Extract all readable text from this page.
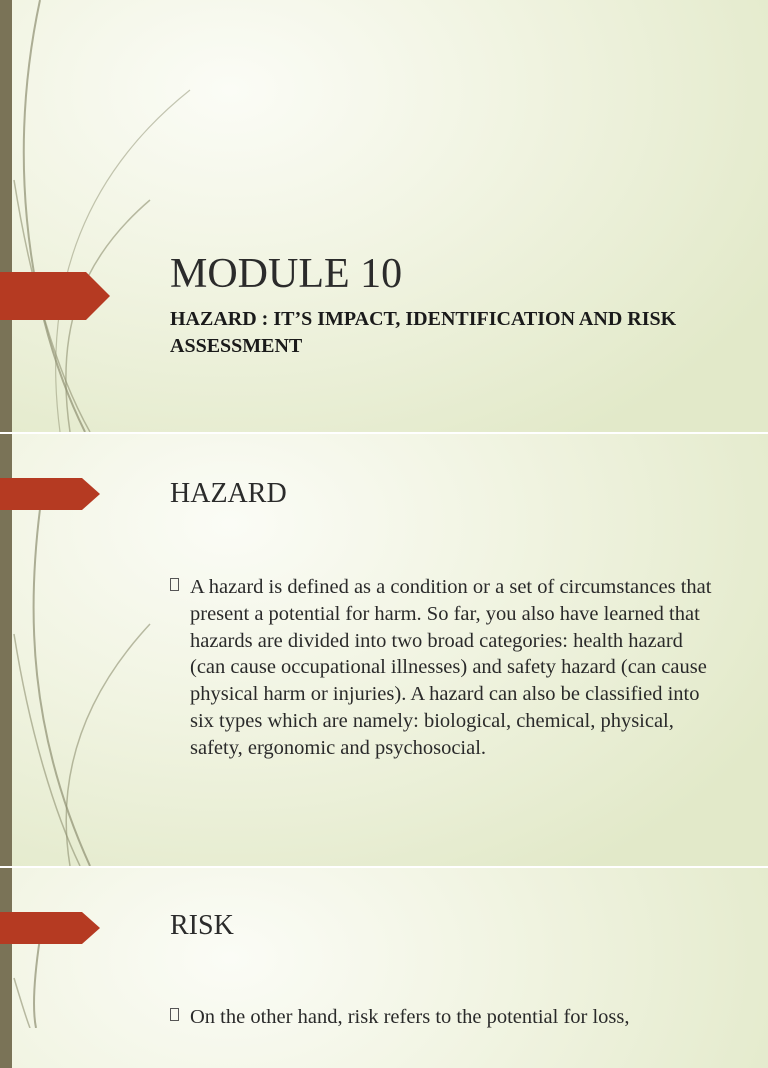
MODULE 10
HAZARD : IT’S IMPACT, IDENTIFICATION AND RISK ASSESSMENT
HAZARD
A hazard is defined as a condition or a set of circumstances that present a potential for harm. So far, you also have learned that hazards are divided into two broad categories: health hazard (can cause occupational illnesses) and safety hazard (can cause physical harm or injuries). A hazard can also be classified into six types which are namely: biological, chemical, physical, safety, ergonomic and psychosocial.
RISK
On the other hand, risk refers to the potential for loss,
